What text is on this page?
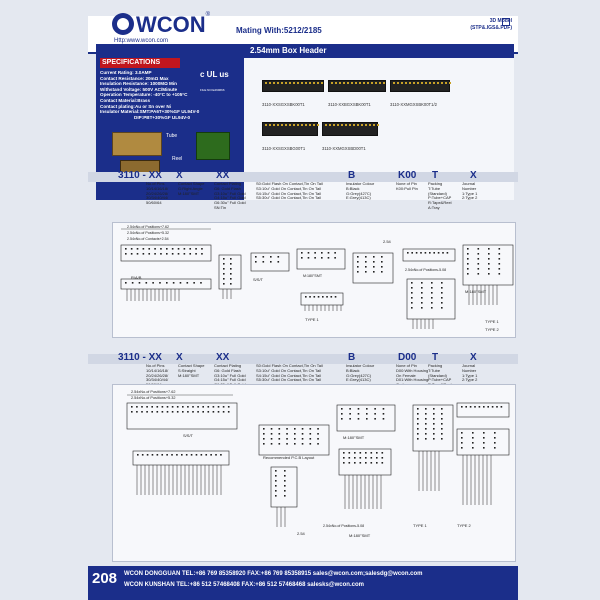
WCON®
Http:www.wcon.com
Mating With:5212/2185
3D Model
(STP&.IGS&.PDF)
2.54mm Box Header
SPECIFICATIONS
c UL us
FILE NO:E299666
Current Rating: 3.0AMP
Contact Resistance: 20mΩ Max
Insulation Resistance: 1000MΩ Min
Withstand Voltage: 500V AC/Minute
Operation Temperature: -40°C to +105°C
Contact Material:Brass
Contact plating:Au or Sn over Ni
Insulator Material:SMT:PA6T+30%GF UL94V-0
DIP:PBT+30%GF UL94V-0
Tube
Reel
3110-XXSGXSBK00T1	3110-XXBGXSBK00T1	3110-XXMGXSBK00T1/2
3110-XXSGXSBG00T1	3110-XXMGXSBD00T1
3110 - XX X	XX	B	K00 T	X
No.of Pins
10/14/16/18/
20/24/26/28/
30/34/40/44/
50/60/64
Contact Shape
G:Right Angle
M:180°SMT
Contact Plating
G6: Gold Flash
G3:10u" Full Gold
G4:15u" Full Gold
G6:30u" Full Gold
SN:Tin
S0:Gold Flash On Contact,Tin On Tail
S3:10u" Gold On Contact,Tin On Tail
S4:15u" Gold On Contact,Tin On Tail
S5:30u" Gold On Contact,Tin On Tail
Insulator Colour
B:Black
G:Grey(427C)
E:Grey(413C)
None of Pin
K00:Pull Pin
Packing
T:Tube
(Standard)
P:Tube+CAP
R:Tape&Reel
A:Tray
Journal
Number
1:Type 1
2:Type 2
2.54xNo.of Positions+7.62
2.54xNo.of Positions+5.32
2.54xNo.of Contacts+2.54
R/A/B	S/S/T
M:180°SMT
TYPE 1
2.54
2.54xNo.of Positions-5.08
M:180°SMT
TYPE 1
TYPE 2
3110 - XX X	XX	B	D00 T	X
No.of Pins
10/14/16/18/
20/24/26/28/
30/34/40/44/
Contact Shape
S:Straight
M:180°SMT
Contact Plating
G6: Gold Flash
G3:10u" Full Gold
G4:15u" Full Gold
S0:Gold Flash On Contact,Tin On Tail
S3:10u" Gold On Contact,Tin On Tail
S4:15u" Gold On Contact,Tin On Tail
S5:30u" Gold On Contact,Tin On Tail
Insulator Colour
B:Black
G:Grey(427C)
E:Grey(413C)
None of Pin
D00:With Housing
On Female
D01:With Housing
Packing
T:Tube
(Standard)
P:Tube+CAP
Journal
Number
1:Type 1
2:Type 2
2.54xNo.of Positions+7.62
2.54xNo.of Positions+5.32
S/S/T
Recommended P.C.B Layout
2.54
M:180°SMT
2.54xNo.of Positions-5.08
M:180°SMT
TYPE 1	TYPE 2
208 WCON DONGGUAN TEL:+86 769 85358920 FAX:+86 769 85358915 sales@wcon.com;salesdg@wcon.com
WCON KUNSHAN TEL:+86 512 57468408 FAX:+86 512 57468468 salesks@wcon.com
